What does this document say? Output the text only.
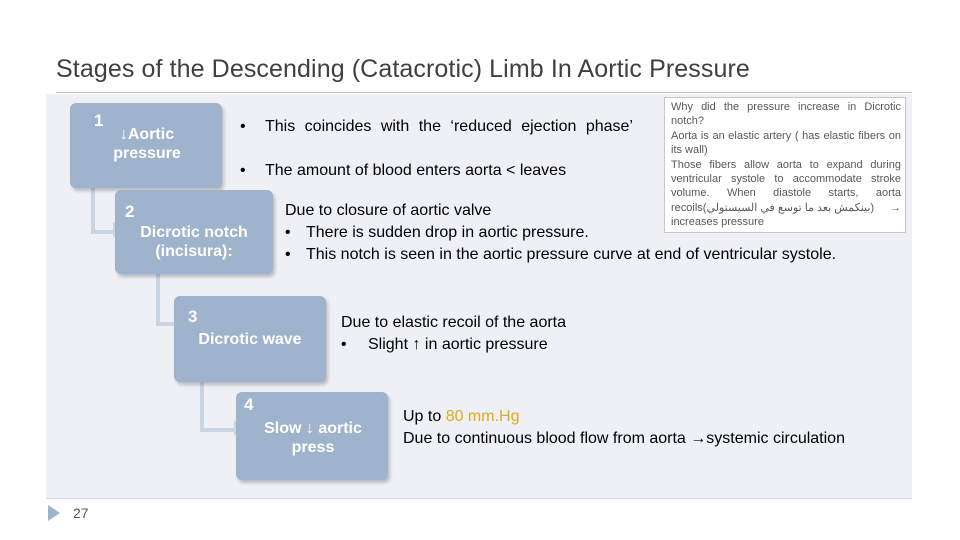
Stages of the Descending (Catacrotic) Limb In Aortic Pressure
1
↓Aortic
pressure
2
Dicrotic notch
(incisura):
3
Dicrotic wave
4
Slow ↓ aortic
press
• This coincides with the ‘reduced ejection phase’
• The amount of blood enters aorta < leaves
Due to closure of aortic valve
• There is sudden drop in aortic pressure.
• This notch is seen in the aortic pressure curve at end of ventricular systole.
Due to elastic recoil of the aorta
• Slight ↑ in aortic pressure
Up to 80 mm.Hg
Due to continuous blood flow from aorta →systemic circulation

Why did the pressure increase in Dicrotic notch?

Aorta is an elastic artery ( has elastic fibers on its wall)

Those fibers allow aorta to expand during ventricular systole to accommodate stroke volume. When diastole starts, aorta recoils(بينكمش بعد ما توسع في السيستولي) →

increases pressure

27
